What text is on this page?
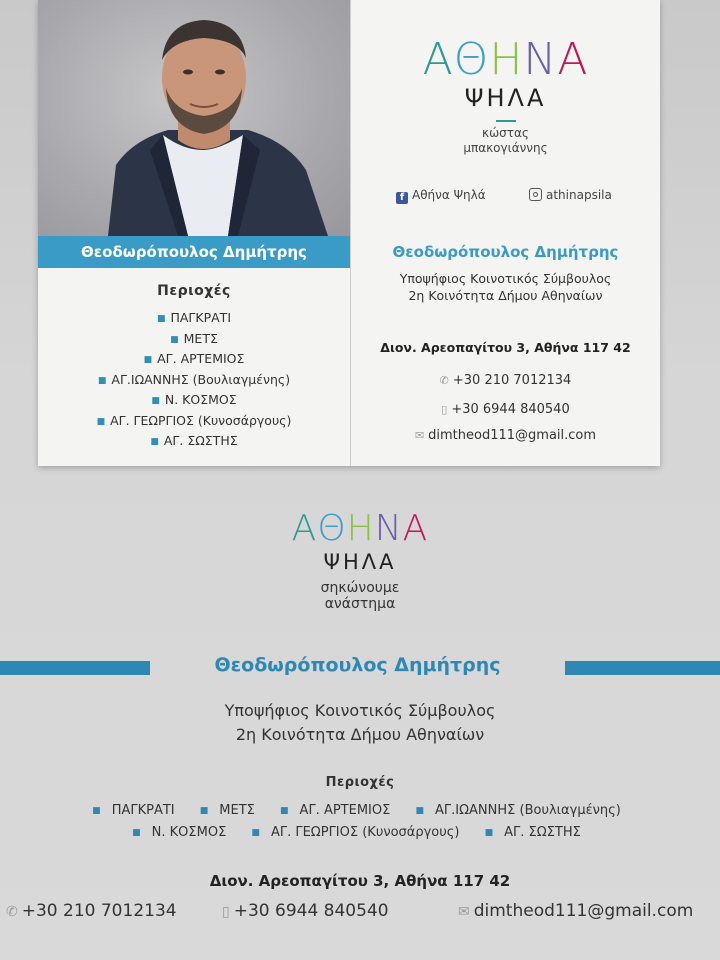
Θεοδωρόπουλος Δημήτρης
Περιοχές
■ ΠΑΓΚΡΑΤΙ
■ ΜΕΤΣ
■ ΑΓ. ΑΡΤΕΜΙΟΣ
■ ΑΓ.ΙΩΑΝΝΗΣ (Βουλιαγμένης)
■ Ν. ΚΟΣΜΟΣ
■ ΑΓ. ΓΕΩΡΓΙΟΣ (Κυνοσάργους)
■ ΑΓ. ΣΩΣΤΗΣ
ΑΘΗΝΑ
ΨΗΛΑ
κώστας
μπακογιάννης
f Αθήνα Ψηλά	athinapsila
Θεοδωρόπουλος Δημήτρης
Υποψήφιος Κοινοτικός Σύμβουλος
2η Κοινότητα Δήμου Αθηναίων
Διον. Αρεοπαγίτου 3, Αθήνα 117 42
✆ +30 210 7012134
▯ +30 6944 840540
✉ dimtheod111@gmail.com
ΑΘΗΝΑ
ΨΗΛΑ
σηκώνουμε
ανάστημα
Θεοδωρόπουλος Δημήτρης
Υποψήφιος Κοινοτικός Σύμβουλος
2η Κοινότητα Δήμου Αθηναίων
Περιοχές
■ ΠΑΓΚΡΑΤΙ	■ ΜΕΤΣ	■ ΑΓ. ΑΡΤΕΜΙΟΣ	■ ΑΓ.ΙΩΑΝΝΗΣ (Βουλιαγμένης)
■ Ν. ΚΟΣΜΟΣ	■ ΑΓ. ΓΕΩΡΓΙΟΣ (Κυνοσάργους)	■ ΑΓ. ΣΩΣΤΗΣ
Διον. Αρεοπαγίτου 3, Αθήνα 117 42
✆ +30 210 7012134	▯ +30 6944 840540	✉ dimtheod111@gmail.com
